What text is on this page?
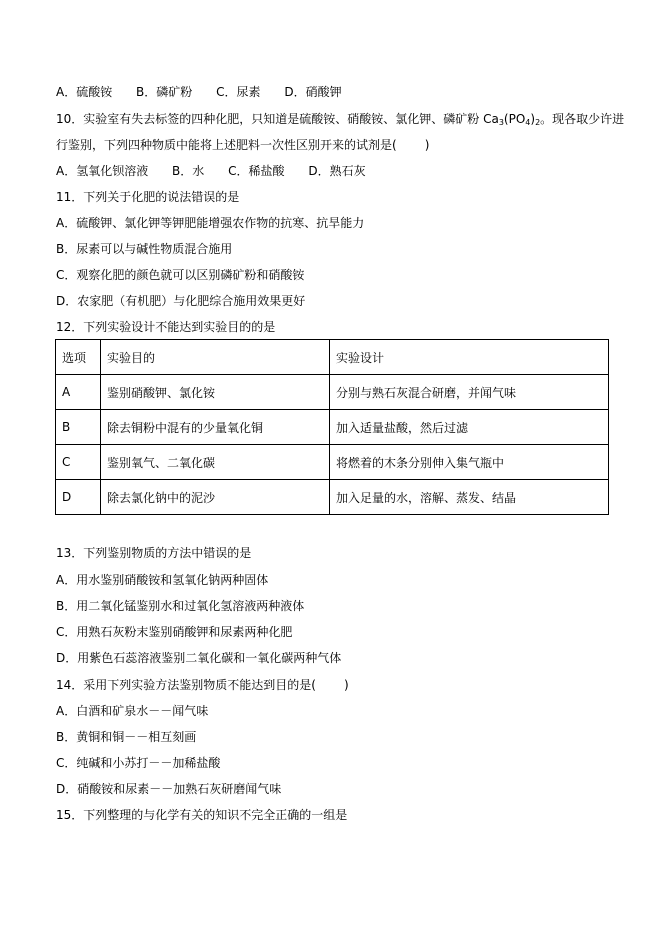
A．硫酸铵 B．磷矿粉 C．尿素 D．硝酸钾
10．实验室有失去标签的四种化肥，只知道是硫酸铵、硝酸铵、氯化钾、磷矿粉 $Ca_3(PO_4)_2$。现各取少许进
行鉴别，下列四种物质中能将上述肥料一次性区别开来的试剂是( )
A．氢氧化钡溶液 B．水 C．稀盐酸 D．熟石灰
11．下列关于化肥的说法错误的是
A．硫酸钾、氯化钾等钾肥能增强农作物的抗寒、抗旱能力
B．尿素可以与碱性物质混合施用
C．观察化肥的颜色就可以区别磷矿粉和硝酸铵
D．农家肥（有机肥）与化肥综合施用效果更好
12．下列实验设计不能达到实验目的的是
选项	实验目的	实验设计
A	鉴别硝酸钾、氯化铵	分别与熟石灰混合研磨，并闻气味
B	除去铜粉中混有的少量氧化铜	加入适量盐酸，然后过滤
C	鉴别氧气、二氧化碳	将燃着的木条分别伸入集气瓶中
D	除去氯化钠中的泥沙	加入足量的水，溶解、蒸发、结晶
13．下列鉴别物质的方法中错误的是
A．用水鉴别硝酸铵和氢氧化钠两种固体
B．用二氧化锰鉴别水和过氧化氢溶液两种液体
C．用熟石灰粉末鉴别硝酸钾和尿素两种化肥
D．用紫色石蕊溶液鉴别二氧化碳和一氧化碳两种气体
14．采用下列实验方法鉴别物质不能达到目的是( )
A．白酒和矿泉水－－闻气味
B．黄铜和铜－－相互刻画
C．纯碱和小苏打－－加稀盐酸
D．硝酸铵和尿素－－加熟石灰研磨闻气味
15．下列整理的与化学有关的知识不完全正确的一组是
